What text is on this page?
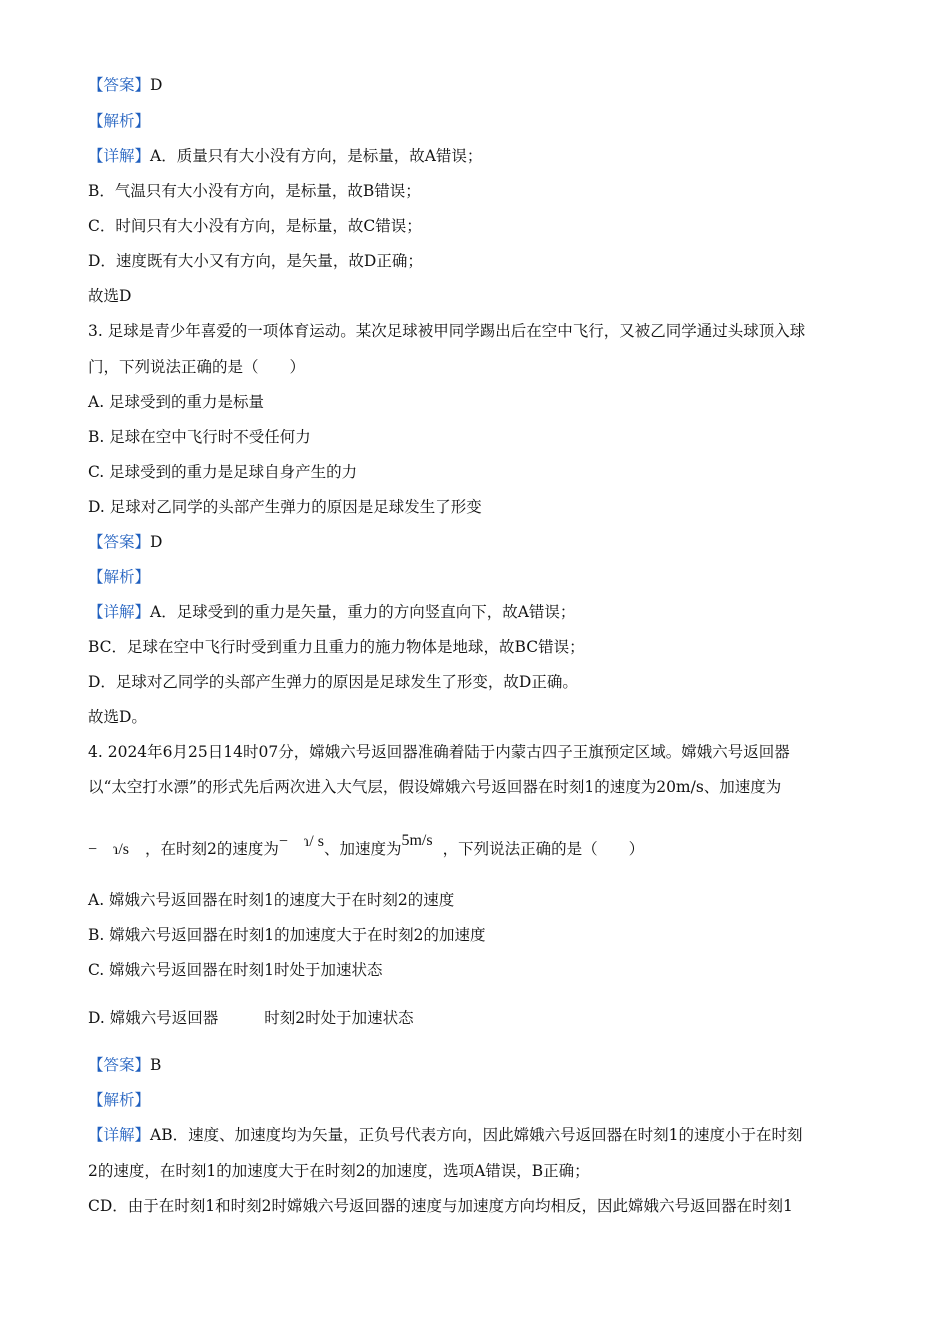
【答案】D
【解析】
【详解】A．质量只有大小没有方向，是标量，故A错误；
B．气温只有大小没有方向，是标量，故B错误；
C．时间只有大小没有方向，是标量，故C错误；
D．速度既有大小又有方向，是矢量，故D正确；
故选D
3. 足球是青少年喜爱的一项体育运动。某次足球被甲同学踢出后在空中飞行，又被乙同学通过头球顶入球
门，下列说法正确的是（　　）
A. 足球受到的重力是标量
B. 足球在空中飞行时不受任何力
C. 足球受到的重力是足球自身产生的力
D. 足球对乙同学的头部产生弹力的原因是足球发生了形变
【答案】D
【解析】
【详解】A．足球受到的重力是矢量，重力的方向竖直向下，故A错误；
BC．足球在空中飞行时受到重力且重力的施力物体是地球，故BC错误；
D．足球对乙同学的头部产生弹力的原因是足球发生了形变，故D正确。
故选D。
4. 2024年6月25日14时07分，嫦娥六号返回器准确着陆于内蒙古四子王旗预定区域。嫦娥六号返回器
以“太空打水漂”的形式先后两次进入大气层，假设嫦娥六号返回器在时刻1的速度为20m/s、加速度为
−　ɿ/s ，在时刻2的速度为−　ɿ/ s、加速度为5m/s ，下列说法正确的是（　　）
A. 嫦娥六号返回器在时刻1的速度大于在时刻2的速度
B. 嫦娥六号返回器在时刻1的加速度大于在时刻2的加速度
C. 嫦娥六号返回器在时刻1时处于加速状态
D. 嫦娥六号返回器	时刻2时处于加速状态
【答案】B
【解析】
【详解】AB．速度、加速度均为矢量，正负号代表方向，因此嫦娥六号返回器在时刻1的速度小于在时刻
2的速度，在时刻1的加速度大于在时刻2的加速度，选项A错误，B正确；
CD．由于在时刻1和时刻2时嫦娥六号返回器的速度与加速度方向均相反，因此嫦娥六号返回器在时刻1
